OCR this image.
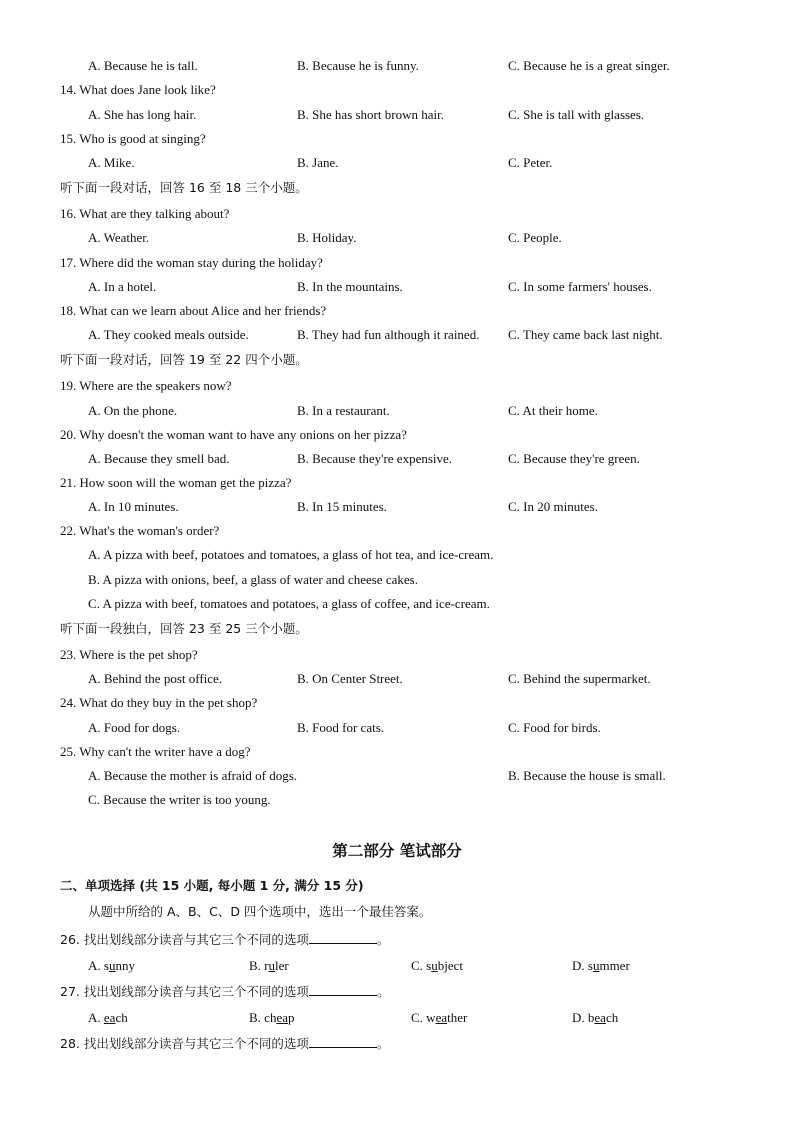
A. Because he is tall.	B. Because he is funny.	C. Because he is a great singer.
14. What does Jane look like?
A. She has long hair.	B. She has short brown hair.	C. She is tall with glasses.
15. Who is good at singing?
A. Mike.	B. Jane.	C. Peter.
听下面一段对话，回答 16 至 18 三个小题。
16. What are they talking about?
A. Weather.	B. Holiday.	C. People.
17. Where did the woman stay during the holiday?
A. In a hotel.	B. In the mountains.	C. In some farmers' houses.
18. What can we learn about Alice and her friends?
A. They cooked meals outside.	B. They had fun although it rained. C. They came back last night.
听下面一段对话，回答 19 至 22 四个小题。
19. Where are the speakers now?
A. On the phone.	B. In a restaurant.	C. At their home.
20. Why doesn't the woman want to have any onions on her pizza?
A. Because they smell bad.	B. Because they're expensive.	C. Because they're green.
21. How soon will the woman get the pizza?
A. In 10 minutes.	B. In 15 minutes.	C. In 20 minutes.
22. What's the woman's order?
A. A pizza with beef, potatoes and tomatoes, a glass of hot tea, and ice-cream.
B. A pizza with onions, beef, a glass of water and cheese cakes.
C. A pizza with beef, tomatoes and potatoes, a glass of coffee, and ice-cream.
听下面一段独白，回答 23 至 25 三个小题。
23. Where is the pet shop?
A. Behind the post office.	B. On Center Street.	C. Behind the supermarket.
24. What do they buy in the pet shop?
A. Food for dogs.	B. Food for cats.	C. Food for birds.
25. Why can't the writer have a dog?
A. Because the mother is afraid of dogs.	B. Because the house is small.
C. Because the writer is too young.
第二部分 笔试部分
二、单项选择 (共 15 小题, 每小题 1 分, 满分 15 分)
从题中所给的 A、B、C、D 四个选项中，选出一个最佳答案。
26. 找出划线部分读音与其它三个不同的选项	。
A. sunny	B. ruler	C. subject	D. summer
27. 找出划线部分读音与其它三个不同的选项	。
A. each	B. cheap	C. weather	D. beach
28. 找出划线部分读音与其它三个不同的选项	。
